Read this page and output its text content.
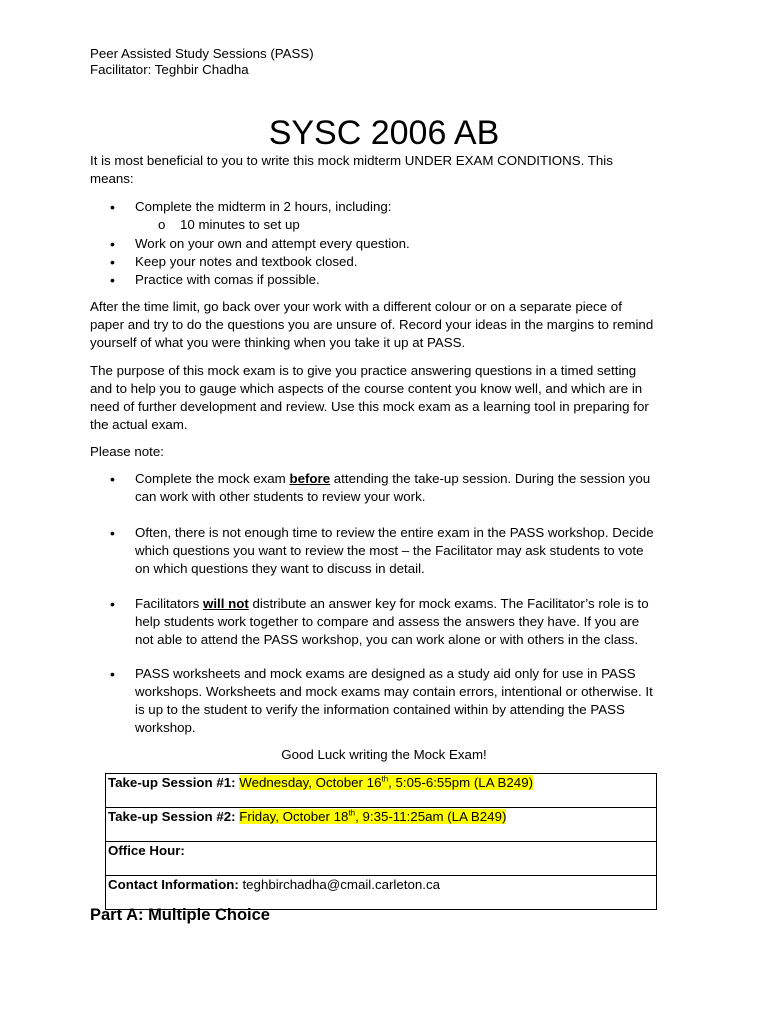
Peer Assisted Study Sessions (PASS)
Facilitator: Teghbir Chadha
SYSC 2006 AB
It is most beneficial to you to write this mock midterm UNDER EXAM CONDITIONS. This
means:
• Complete the midterm in 2 hours, including:
o 10 minutes to set up
• Work on your own and attempt every question.
• Keep your notes and textbook closed.
• Practice with comas if possible.
After the time limit, go back over your work with a different colour or on a separate piece of
paper and try to do the questions you are unsure of. Record your ideas in the margins to remind
yourself of what you were thinking when you take it up at PASS.
The purpose of this mock exam is to give you practice answering questions in a timed setting
and to help you to gauge which aspects of the course content you know well, and which are in
need of further development and review. Use this mock exam as a learning tool in preparing for
the actual exam.
Please note:
• Complete the mock exam before attending the take-up session. During the session you
can work with other students to review your work.
• Often, there is not enough time to review the entire exam in the PASS workshop. Decide
which questions you want to review the most – the Facilitator may ask students to vote
on which questions they want to discuss in detail.
• Facilitators will not distribute an answer key for mock exams. The Facilitator’s role is to
help students work together to compare and assess the answers they have. If you are
not able to attend the PASS workshop, you can work alone or with others in the class.
• PASS worksheets and mock exams are designed as a study aid only for use in PASS
workshops. Worksheets and mock exams may contain errors, intentional or otherwise. It
is up to the student to verify the information contained within by attending the PASS
workshop.
Good Luck writing the Mock Exam!
Take-up Session #1: Wednesday, October 16th, 5:05-6:55pm (LA B249)
Take-up Session #2: Friday, October 18th, 9:35-11:25am (LA B249)
Office Hour:
Contact Information: teghbirchadha@cmail.carleton.ca
Part A: Multiple Choice
